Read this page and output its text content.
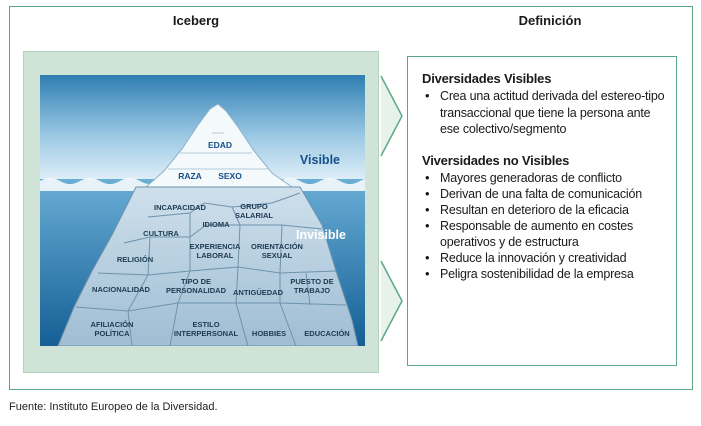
Iceberg	Definición
EDAD
RAZA SEXO
Visible
Invisible
INCAPACIDAD	GRUPO
SALARIAL
CULTURA
IDIOMA
RELIGIÓN
EXPERIENCIA
LABORAL
ORIENTACIÓN
SEXUAL
NACIONALIDAD
TIPO DE
PERSONALIDAD ANTIGÜEDAD
PUESTO DE
TRABAJO
AFILIACIÓN
POLÍTICA
ESTILO
INTERPERSONAL HOBBIES EDUCACIÓN
Diversidades Visibles
• Crea una actitud derivada del estereo-tipo transaccional que tiene la persona ante ese colectivo/segmento
Viversidades no Visibles
• Mayores generadoras de conflicto
• Derivan de una falta de comunicación
• Resultan en deterioro de la eficacia
• Responsable de aumento en costes operativos y de estructura
• Reduce la innovación y creatividad
• Peligra sostenibilidad de la empresa
Fuente: Instituto Europeo de la Diversidad.
